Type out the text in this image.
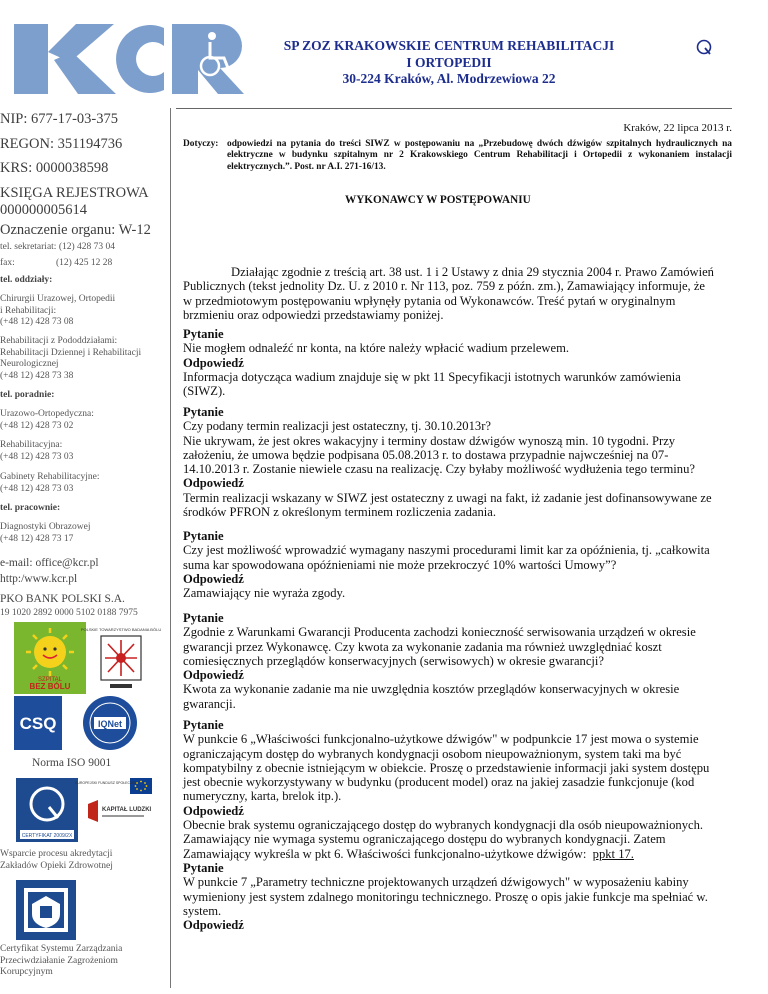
SP ZOZ KRAKOWSKIE CENTRUM REHABILITACJI
I ORTOPEDII
30-224 Kraków, Al. Modrzewiowa 22
NIP: 677-17-03-375
REGON: 351194736
KRS: 0000038598
KSIĘGA REJESTROWA
000000005614
Oznaczenie organu: W-12
tel. sekretariat: (12) 428 73 04
fax:	(12) 425 12 28
tel. oddziały:
Chirurgii Urazowej, Ortopedii
i Rehabilitacji:
(+48 12) 428 73 08
Rehabilitacji z Pododdziałami:
Rehabilitacji Dziennej i Rehabilitacji
Neurologicznej
(+48 12) 428 73 38
tel. poradnie:
Urazowo-Ortopedyczna:
(+48 12) 428 73 02
Rehabilitacyjna:
(+48 12) 428 73 03
Gabinety Rehabilitacyjne:
(+48 12) 428 73 03
tel. pracownie:
Diagnostyki Obrazowej
(+48 12) 428 73 17
e-mail: office@kcr.pl
http:/www.kcr.pl
PKO BANK POLSKI S.A.
19 1020 2892 0000 5102 0188 7975
SZPITAL
BEZ BÓLU
POLSKIE TOWARZYSTWO BADANIA BÓLU
CSQ	IQNet
Norma ISO 9001
CERTYFIKAT 2009/2X
EUROPEJSKI FUNDUSZ SPOŁECZNY
KAPITAŁ LUDZKI
Wsparcie procesu akredytacji
Zakładów Opieki Zdrowotnej
Certyfikat Systemu Zarządzania
Przeciwdziałanie Zagrożeniom
Korupcyjnym
Kraków, 22 lipca 2013 r.
Dotyczy: odpowiedzi na pytania do treści SIWZ w postępowaniu na „Przebudowę dwóch dźwigów szpitalnych hydraulicznych na elektryczne w budynku szpitalnym nr 2 Krakowskiego Centrum Rehabilitacji i Ortopedii z wykonaniem instalacji elektrycznych.”. Post. nr A.I. 271-16/13.
WYKONAWCY W POSTĘPOWANIU
Działając zgodnie z treścią art. 38 ust. 1 i 2 Ustawy z dnia 29 stycznia 2004 r. Prawo Zamówień
Publicznych (tekst jednolity Dz. U. z 2010 r. Nr 113, poz. 759 z późn. zm.), Zamawiający informuje, że
w przedmiotowym postępowaniu wpłynęły pytania od Wykonawców. Treść pytań w oryginalnym
brzmieniu oraz odpowiedzi przedstawiamy poniżej.
Pytanie
Nie mogłem odnaleźć nr konta, na które należy wpłacić wadium przelewem.
Odpowiedź
Informacja dotycząca wadium znajduje się w pkt 11 Specyfikacji istotnych warunków zamówienia
(SIWZ).
Pytanie
Czy podany termin realizacji jest ostateczny, tj. 30.10.2013r?
Nie ukrywam, że jest okres wakacyjny i terminy dostaw dźwigów wynoszą min. 10 tygodni. Przy
założeniu, że umowa będzie podpisana 05.08.2013 r. to dostawa przypadnie najwcześniej na 07-
14.10.2013 r. Zostanie niewiele czasu na realizację. Czy byłaby możliwość wydłużenia tego terminu?
Odpowiedź
Termin realizacji wskazany w SIWZ jest ostateczny z uwagi na fakt, iż zadanie jest dofinansowywane ze
środków PFRON z określonym terminem rozliczenia zadania.
Pytanie
Czy jest możliwość wprowadzić wymagany naszymi procedurami limit kar za opóźnienia, tj. „całkowita
suma kar spowodowana opóźnieniami nie może przekroczyć 10% wartości Umowy”?
Odpowiedź
Zamawiający nie wyraża zgody.
Pytanie
Zgodnie z Warunkami Gwarancji Producenta zachodzi konieczność serwisowania urządzeń w okresie
gwarancji przez Wykonawcę. Czy kwota za wykonanie zadania ma również uwzględniać koszt
comiesięcznych przeglądów konserwacyjnych (serwisowych) w okresie gwarancji?
Odpowiedź
Kwota za wykonanie zadanie ma nie uwzględnia kosztów przeglądów konserwacyjnych w okresie
gwarancji.
Pytanie
W punkcie 6 „Właściwości funkcjonalno-użytkowe dźwigów" w podpunkcie 17 jest mowa o systemie
ograniczającym dostęp do wybranych kondygnacji osobom nieupoważnionym, system taki ma być
kompatybilny z obecnie istniejącym w obiekcie. Proszę o przedstawienie informacji jaki system dostępu
jest obecnie wykorzystywany w budynku (producent model) oraz na jakiej zasadzie funkcjonuje (kod
numeryczny, karta, brelok itp.).
Odpowiedź
Obecnie brak systemu ograniczającego dostęp do wybranych kondygnacji dla osób nieupoważnionych.
Zamawiający nie wymaga systemu ograniczającego dostępu do wybranych kondygnacji. Zatem
Zamawiający wykreśla w pkt 6. Właściwości funkcjonalno-użytkowe dźwigów: ppkt 17.
Pytanie
W punkcie 7 „Parametry techniczne projektowanych urządzeń dźwigowych" w wyposażeniu kabiny
wymieniony jest system zdalnego monitoringu technicznego. Proszę o opis jakie funkcje ma spełniać w.
system.
Odpowiedź
